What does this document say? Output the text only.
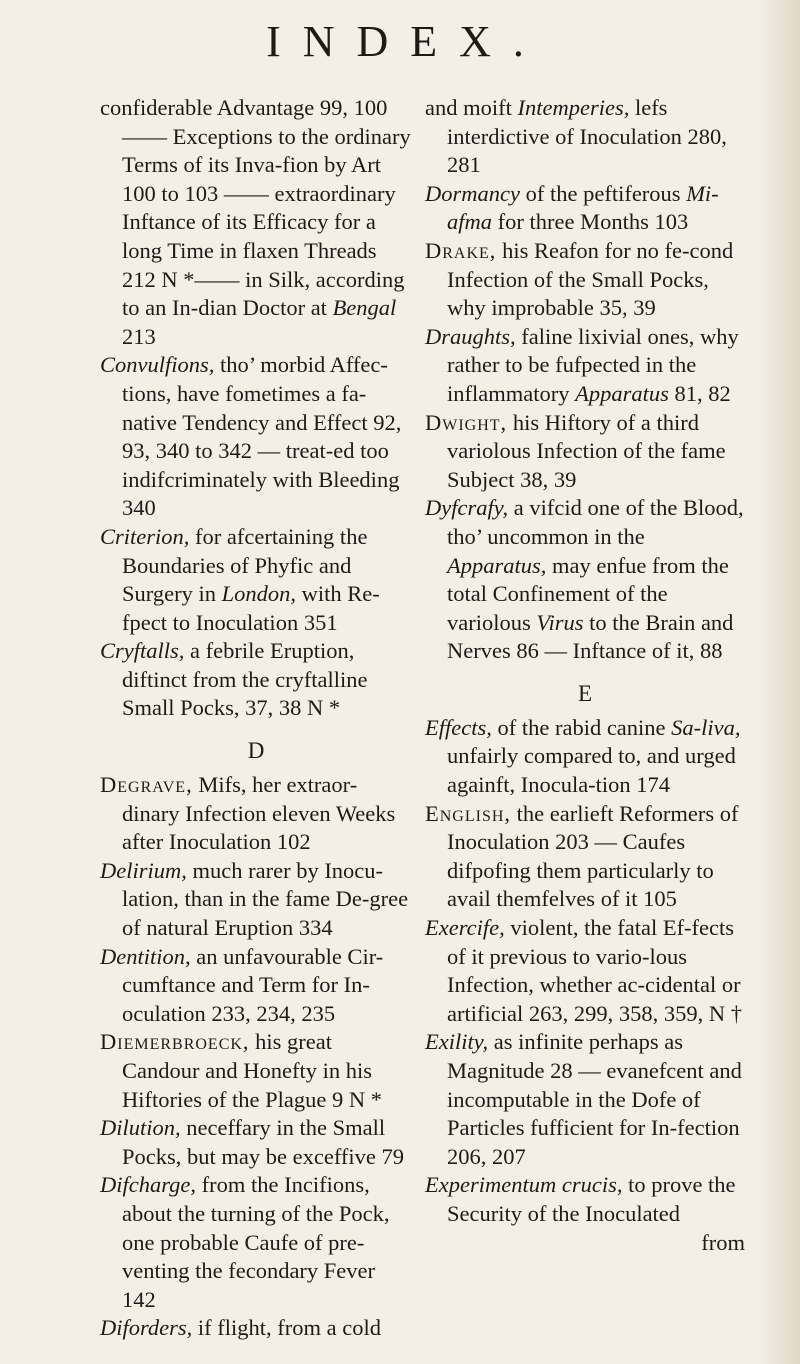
INDEX.

confiderable Advantage 99, 100 —— Exceptions to the ordinary Terms of its Inva-fion by Art 100 to 103 —— extraordinary Inftance of its Efficacy for a long Time in flaxen Threads 212 N *—— in Silk, according to an In-dian Doctor at Bengal 213

Convulfions, tho’ morbid Affec-tions, have fometimes a fa-native Tendency and Effect 92, 93, 340 to 342 — treat-ed too indifcriminately with Bleeding 340

Criterion, for afcertaining the Boundaries of Phyfic and Surgery in London, with Re-fpect to Inoculation 351

Cryftalls, a febrile Eruption, diftinct from the cryftalline Small Pocks, 37, 38 N *

D

Degrave, Mifs, her extraor-dinary Infection eleven Weeks after Inoculation 102

Delirium, much rarer by Inocu-lation, than in the fame De-gree of natural Eruption 334

Dentition, an unfavourable Cir-cumftance and Term for In-oculation 233, 234, 235

Diemerbroeck, his great Candour and Honefty in his Hiftories of the Plague 9 N *

Dilution, neceffary in the Small Pocks, but may be exceffive 79

Difcharge, from the Incifions, about the turning of the Pock, one probable Caufe of pre-venting the fecondary Fever 142

Diforders, if flight, from a cold

and moift Intemperies, lefs interdictive of Inoculation 280, 281

Dormancy of the peftiferous Mi-afma for three Months 103

Drake, his Reafon for no fe-cond Infection of the Small Pocks, why improbable 35, 39

Draughts, faline lixivial ones, why rather to be fufpected in the inflammatory Apparatus 81, 82

Dwight, his Hiftory of a third variolous Infection of the fame Subject 38, 39

Dyfcrafy, a vifcid one of the Blood, tho’ uncommon in the Apparatus, may enfue from the total Confinement of the variolous Virus to the Brain and Nerves 86 — Inftance of it, 88

E

Effects, of the rabid canine Sa-liva, unfairly compared to, and urged againft, Inocula-tion 174

English, the earlieft Reformers of Inoculation 203 — Caufes difpofing them particularly to avail themfelves of it 105

Exercife, violent, the fatal Ef-fects of it previous to vario-lous Infection, whether ac-cidental or artificial 263, 299, 358, 359, N †

Exility, as infinite perhaps as Magnitude 28 — evanefcent and incomputable in the Dofe of Particles fufficient for In-fection 206, 207

Experimentum crucis, to prove the Security of the Inoculated

from
